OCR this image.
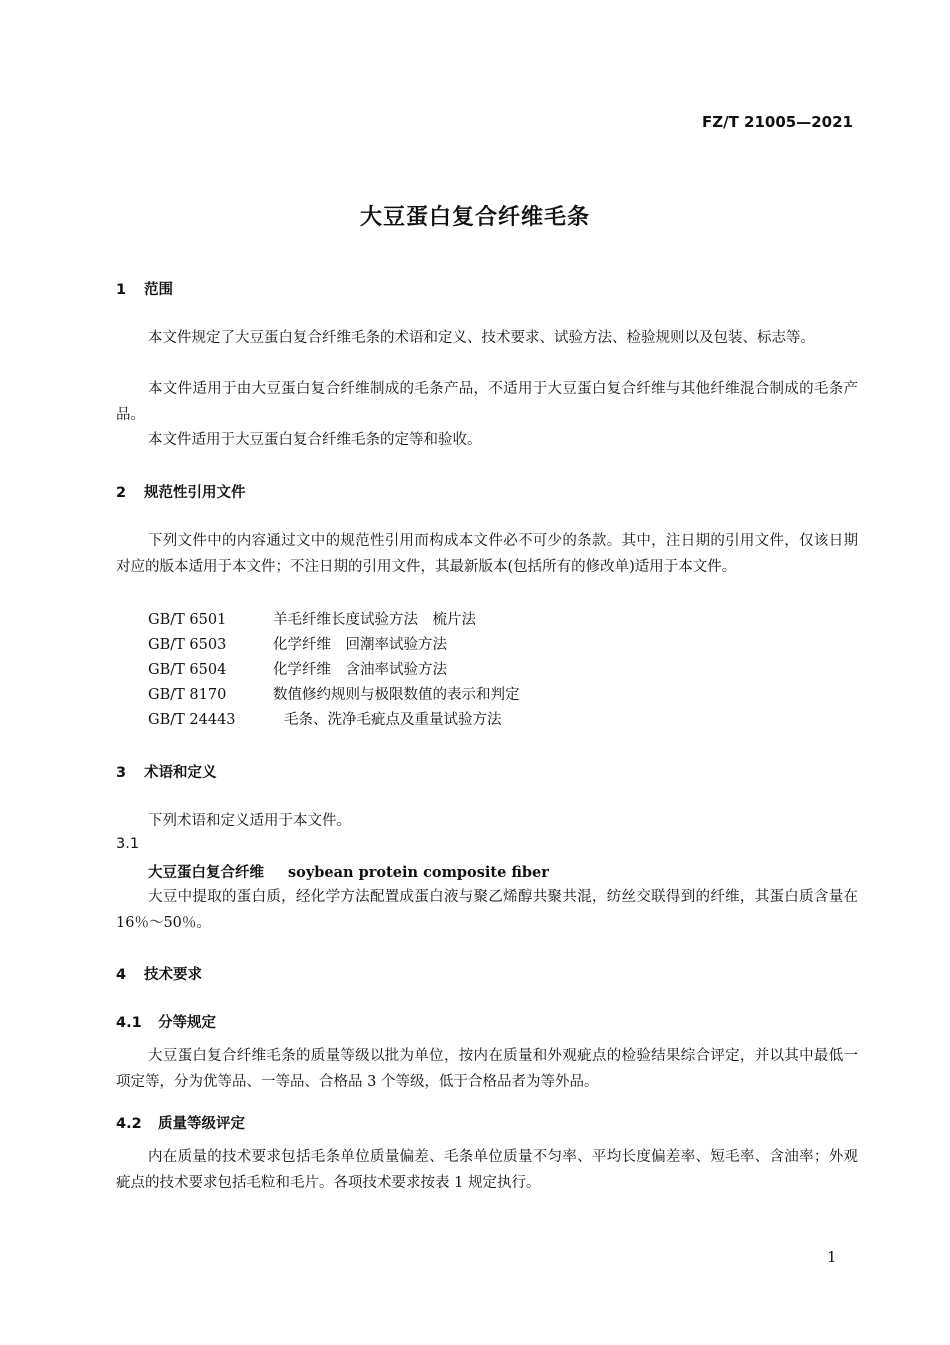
FZ/T 21005—2021
大豆蛋白复合纤维毛条
1 范围
本文件规定了大豆蛋白复合纤维毛条的术语和定义、技术要求、试验方法、检验规则以及包装、标志等。
本文件适用于由大豆蛋白复合纤维制成的毛条产品，不适用于大豆蛋白复合纤维与其他纤维混合制成的毛条产品。
本文件适用于大豆蛋白复合纤维毛条的定等和验收。
2 规范性引用文件
下列文件中的内容通过文中的规范性引用而构成本文件必不可少的条款。其中，注日期的引用文件，仅该日期对应的版本适用于本文件；不注日期的引用文件，其最新版本(包括所有的修改单)适用于本文件。
GB/T 6501	羊毛纤维长度试验方法　梳片法
GB/T 6503	化学纤维　回潮率试验方法
GB/T 6504	化学纤维　含油率试验方法
GB/T 8170	数值修约规则与极限数值的表示和判定
GB/T 24443	毛条、洗净毛疵点及重量试验方法
3 术语和定义
下列术语和定义适用于本文件。
3.1
大豆蛋白复合纤维 soybean protein composite fiber
大豆中提取的蛋白质，经化学方法配置成蛋白液与聚乙烯醇共聚共混，纺丝交联得到的纤维，其蛋白质含量在 16％～50％。
4 技术要求
4.1 分等规定
大豆蛋白复合纤维毛条的质量等级以批为单位，按内在质量和外观疵点的检验结果综合评定，并以其中最低一项定等，分为优等品、一等品、合格品 3 个等级，低于合格品者为等外品。
4.2 质量等级评定
内在质量的技术要求包括毛条单位质量偏差、毛条单位质量不匀率、平均长度偏差率、短毛率、含油率；外观疵点的技术要求包括毛粒和毛片。各项技术要求按表 1 规定执行。
1
